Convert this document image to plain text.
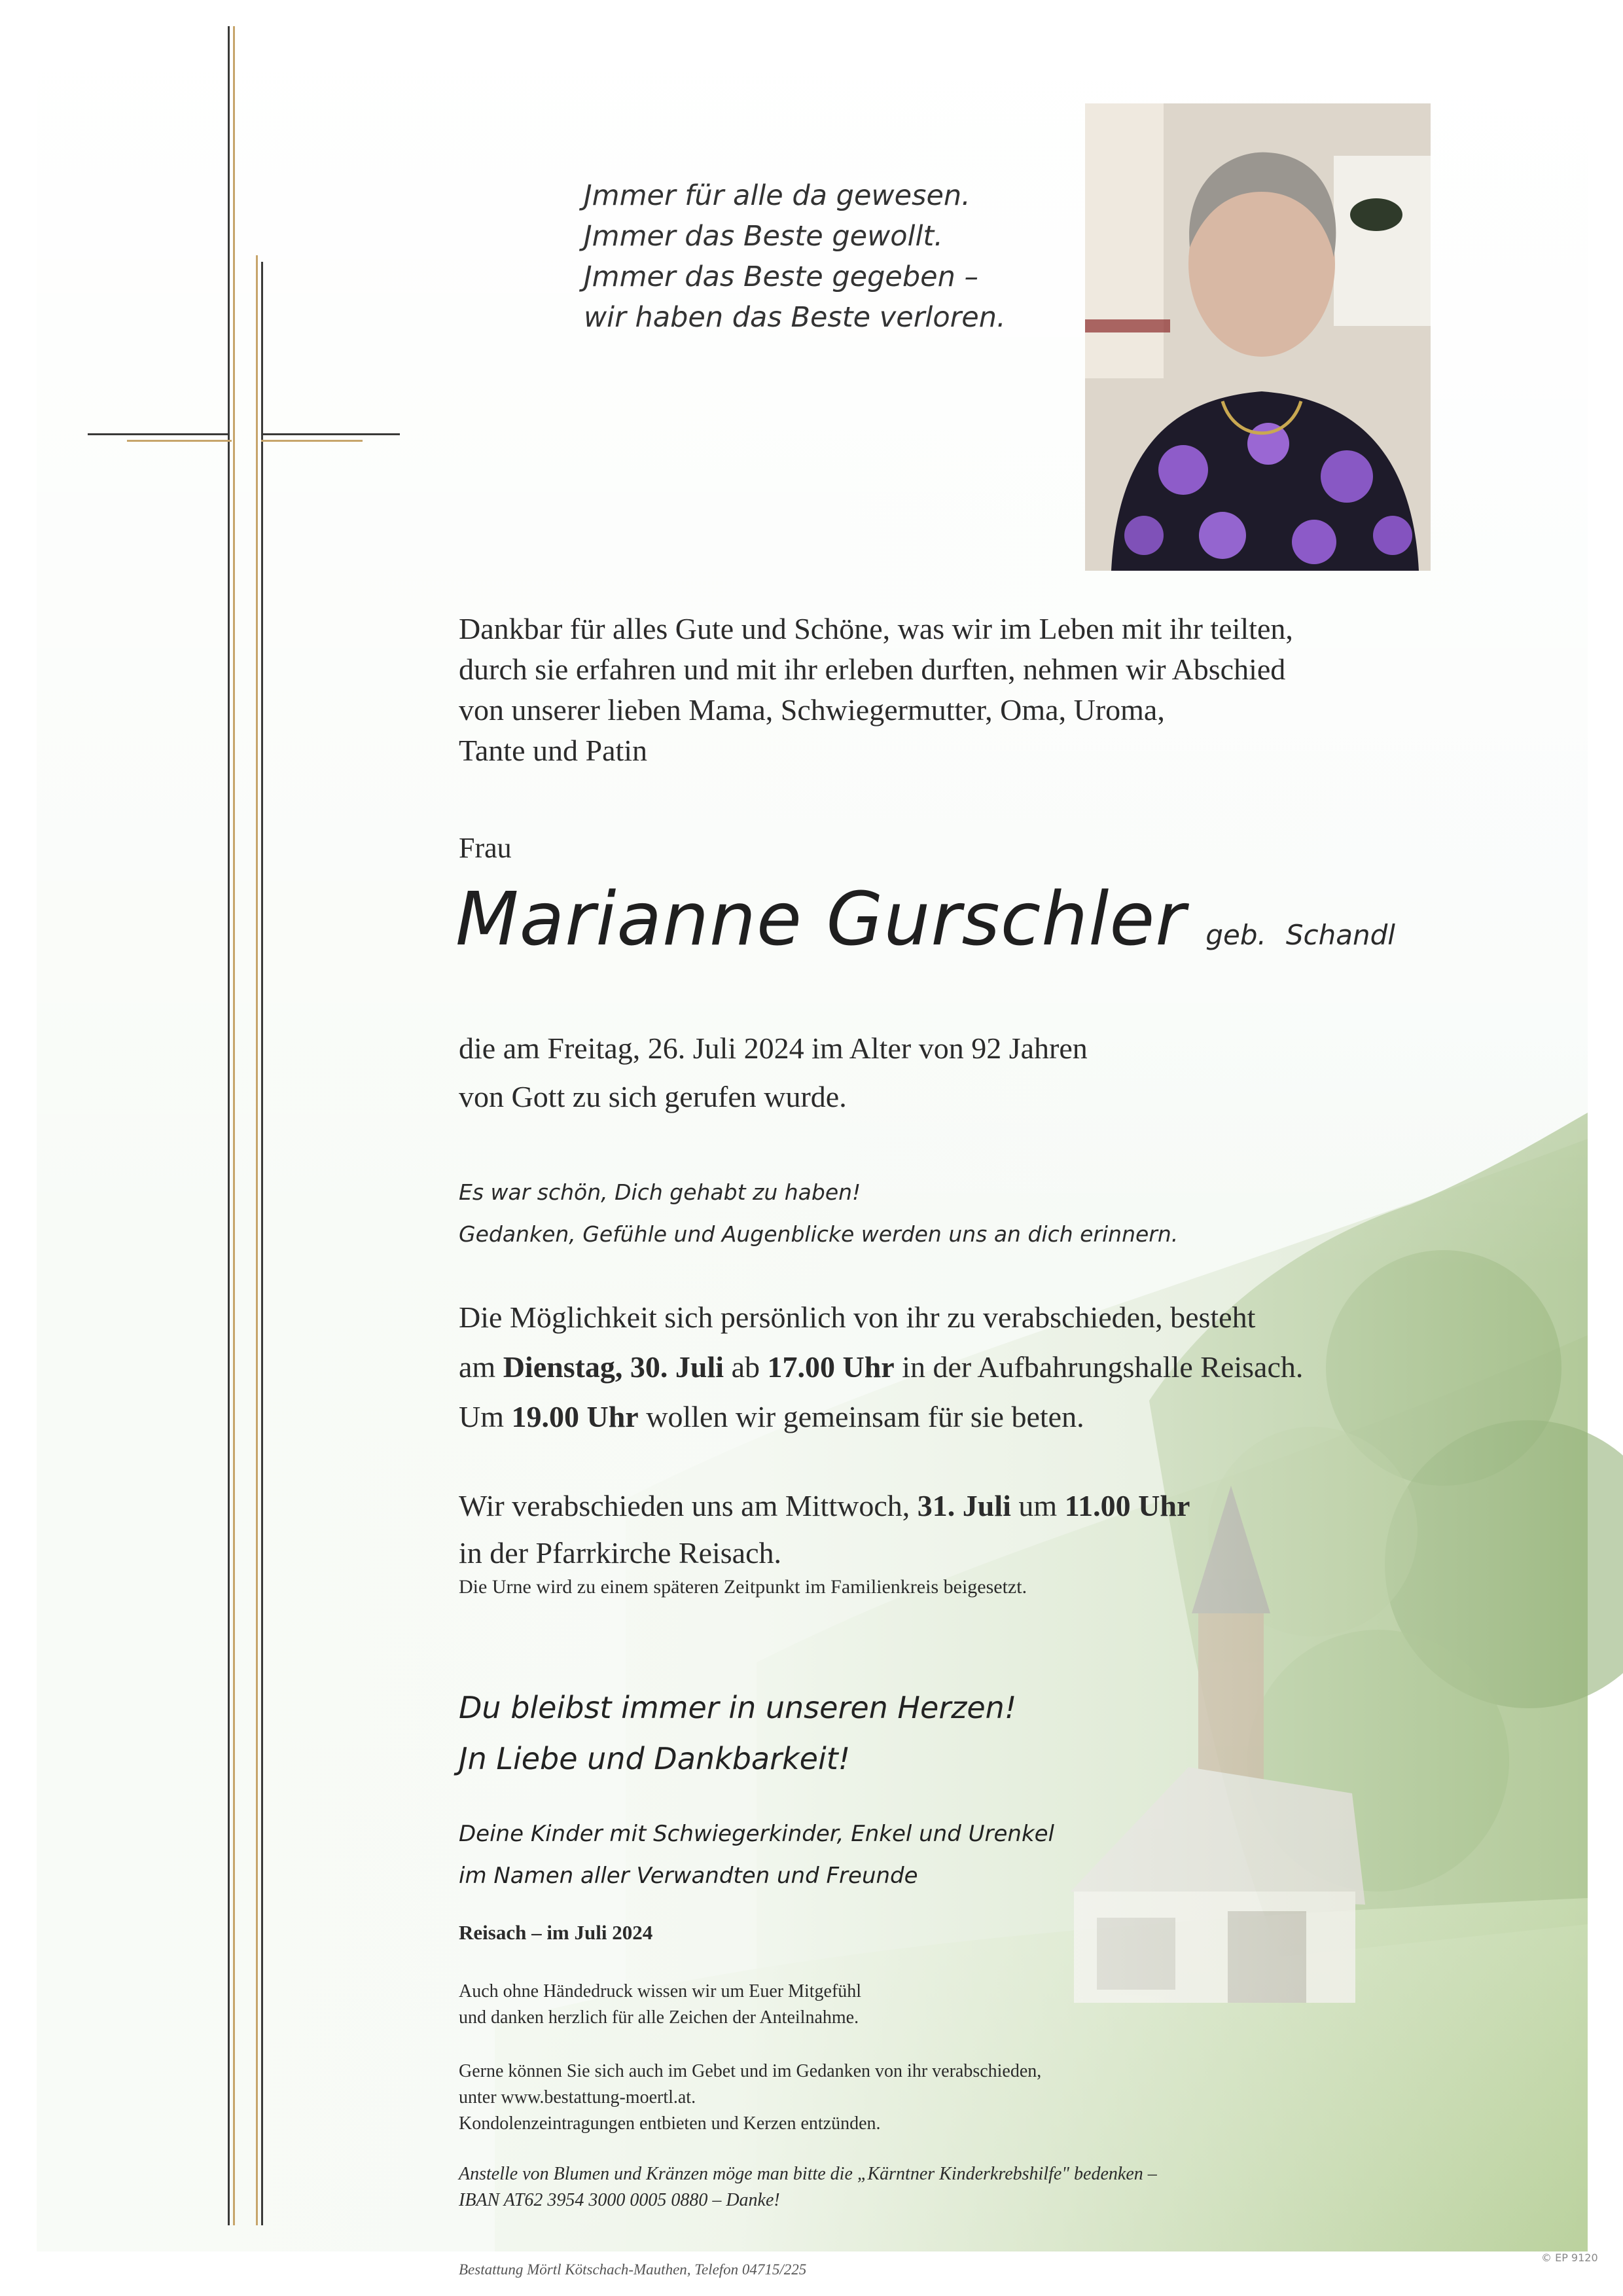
Jmmer für alle da gewesen.
Jmmer das Beste gewollt.
Jmmer das Beste gegeben –
wir haben das Beste verloren.
Dankbar für alles Gute und Schöne, was wir im Leben mit ihr teilten,
durch sie erfahren und mit ihr erleben durften, nehmen wir Abschied
von unserer lieben Mama, Schwiegermutter, Oma, Uroma,
Tante und Patin
Frau
Marianne Gurschler geb. Schandl
die am Freitag, 26. Juli 2024 im Alter von 92 Jahren
von Gott zu sich gerufen wurde.
Es war schön, Dich gehabt zu haben!
Gedanken, Gefühle und Augenblicke werden uns an dich erinnern.
Die Möglichkeit sich persönlich von ihr zu verabschieden, besteht
am Dienstag, 30. Juli ab 17.00 Uhr in der Aufbahrungshalle Reisach.
Um 19.00 Uhr wollen wir gemeinsam für sie beten.
Wir verabschieden uns am Mittwoch, 31. Juli um 11.00 Uhr
in der Pfarrkirche Reisach.
Die Urne wird zu einem späteren Zeitpunkt im Familienkreis beigesetzt.
Du bleibst immer in unseren Herzen!
Jn Liebe und Dankbarkeit!
Deine Kinder mit Schwiegerkinder, Enkel und Urenkel
im Namen aller Verwandten und Freunde
Reisach – im Juli 2024
Auch ohne Händedruck wissen wir um Euer Mitgefühl
und danken herzlich für alle Zeichen der Anteilnahme.
Gerne können Sie sich auch im Gebet und im Gedanken von ihr verabschieden,
unter www.bestattung-moertl.at.
Kondolenzeintragungen entbieten und Kerzen entzünden.
Anstelle von Blumen und Kränzen möge man bitte die „Kärntner Kinderkrebshilfe" bedenken –
IBAN AT62 3954 3000 0005 0880 – Danke!
Bestattung Mörtl Kötschach-Mauthen, Telefon 04715/225
© EP 9120
